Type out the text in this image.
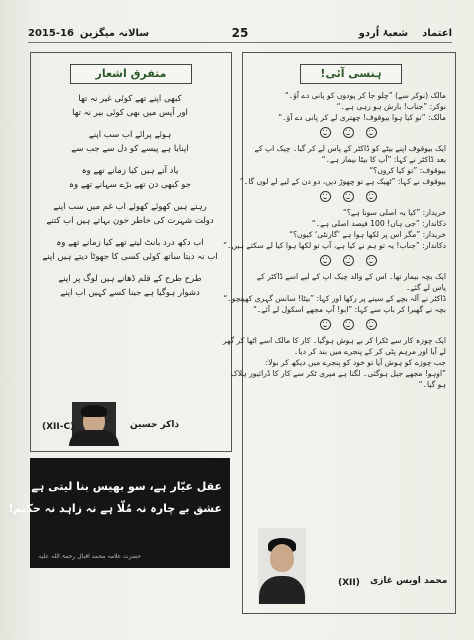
2015-16 سالانہ میگزین	25	شعبۂ اُردو اعتماد
متفرق اشعار	ہنسی آئی!
کبھی اپنے تھے کوئی غیر نہ تھا
اور آپس میں بھی کوئی بیر نہ تھا
ہوئے پرائے اب سب اپنے
اپنایا ہے پیسے کو دل سے جب سے
یاد آتے ہیں کیا زمانے تھے وہ
جو کبھی دن تھے بڑے سہانے تھے وہ
رہتے ہیں کھوئے کھوئے اب غم میں سب اپنے
دولت شہرت کی خاطر خون بہاتے ہیں اب کتنے
اب دکھ درد بانٹ لیتے تھے کیا زمانے تھے وہ
اب نہ دیتا ساتھ کوئی کسی کا جھوٹا دیتے ہیں اپنے
طرح طرح کے قلم ڈھاتے ہیں لوگ پر اپنے
دشوار ہوگیا ہے جینا کسے کہیں اب اپنے
(XII-C)	ذاکر حسین
عقل عیّار ہے، سو بھیس بنا لیتی ہے
عشق بے چارہ نہ مُلّا ہے نہ زاہد نہ حکیم!
حضرت علامہ محمد اقبال رحمۃ اللہ علیہ
مالک (نوکر سے) ”چلو جا کر پودوں کو پانی دے آؤ۔“
نوکر: ”جناب! بارش ہو رہی ہے۔“
مالک: ”تو کیا ہوا بیوقوف! چھتری لے کر پانی دے آؤ۔“
ایک بیوقوف اپنے بیٹے کو ڈاکٹر کے پاس لے کر گیا۔ چیک اپ کے
بعد ڈاکٹر نے کہا: ”آپ کا بیٹا بیمار ہے۔“
بیوقوف: ”تو کیا کروں؟“
بیوقوف نے کہا: ”ٹھیک ہے تو چھوڑ دیں، دو دن کے لیے لے لوں گا۔“
خریدار: ”کیا یہ اصلی سونا ہے؟“
دکاندار: ”جی ہاں! 100 فیصد اصلی ہے۔“
خریدار: ”مگر اس پر لکھا ہوا ہے ’گارنٹی‘ کیوں؟“
دکاندار: ”جناب! یہ تو ہم نے کیا ہے، آپ تو لکھا ہوا کیا لے سکتے ہیں۔“
ایک بچہ بیمار تھا۔ اس کے والد چیک اپ کے لیے اسے ڈاکٹر کے
پاس لے گئے۔
ڈاکٹر نے آلہ بچے کے سینے پر رکھا اور کہا: ”بیٹا! سانس گہری کھینچو۔“
بچہ نے گھبرا کر باپ سے کہا: ”ابو! آپ مجھے اسکول لے آئے۔“
ایک چوزہ کار سے ٹکرا کر بے ہوش ہوگیا۔ کار کا مالک اسے اٹھا کر گھر
لے آیا اور مرہم پٹی کر کے پنجرے میں بند کر دیا۔
جب چوزے کو ہوش آیا تو خود کو پنجرے میں دیکھ کر بولا:
”اوہو! مجھے جیل ہوگئی۔ لگتا ہے میری ٹکر سے کار کا ڈرائیور ہلاک
ہو گیا۔“
(XII) محمد اویس غازی
